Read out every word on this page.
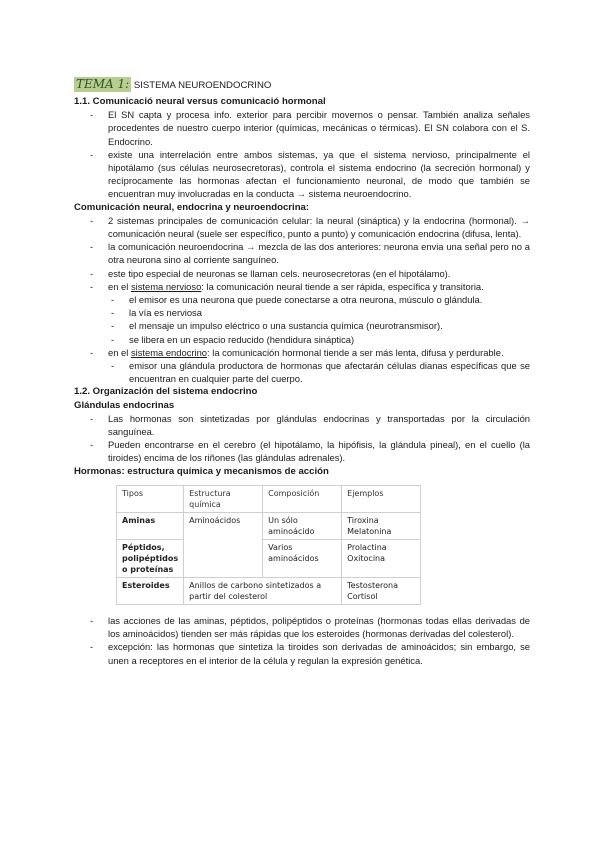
TEMA 1: SISTEMA NEUROENDOCRINO

1.1. Comunicació neural versus comunicació hormonal

- El SN capta y procesa info. exterior para percibir movernos o pensar. También analiza señales procedentes de nuestro cuerpo interior (químicas, mecánicas o térmicas). El SN colabora con el S. Endocrino.
- existe una interrelación entre ambos sistemas, ya que el sistema nervioso, principalmente el hipotálamo (sus células neurosecretoras), controla el sistema endocrino (la secreción hormonal) y recíprocamente las hormonas afectan el funcionamiento neuronal, de modo que también se encuentran muy involucradas en la conducta → sistema neuroendocrino.

Comunicación neural, endocrina y neuroendocrina:

- 2 sistemas principales de comunicación celular: la neural (sináptica) y la endocrina (hormonal). → comunicación neural (suele ser específico, punto a punto) y comunicación endocrina (difusa, lenta).
- la comunicación neuroendocrina → mezcla de las dos anteriores: neurona envia una señal pero no a otra neurona sino al corriente sanguíneo.
- este tipo especial de neuronas se llaman cels. neurosecretoras (en el hipotálamo).
- en el sistema nervioso: la comunicación neural tiende a ser rápida, específica y transitoria.
- el emisor es una neurona que puede conectarse a otra neurona, músculo o glándula.
- la vía es nerviosa
- el mensaje un impulso eléctrico o una sustancia química (neurotransmisor).
- se libera en un espacio reducido (hendidura sináptica)
- en el sistema endocrino: la comunicación hormonal tiende a ser más lenta, difusa y perdurable.
- emisor una glándula productora de hormonas que afectarán células dianas específicas que se encuentran en cualquier parte del cuerpo.

1.2. Organización del sistema endocrino

Glándulas endocrinas

- Las hormonas son sintetizadas por glándulas endocrinas y transportadas por la circulación sanguínea.
- Pueden encontrarse en el cerebro (el hipotálamo, la hipófisis, la glándula pineal), en el cuello (la tiroides) encima de los riñones (las glándulas adrenales).

Hormonas: estructura química y mecanismos de acción

Tipos	Estructura química	Composición	Ejemplos
Aminas	Aminoácidos	Un sólo aminoácido	Tiroxina Melatonina
Péptidos, polipéptidos o proteínas		Varios aminoácidos	Prolactina Oxitocina
Esteroides	Anillos de carbono sintetizados a partir del colesterol		Testosterona Cortisol
- las acciones de las aminas, péptidos, polipéptidos o proteínas (hormonas todas ellas derivadas de los aminoácidos) tienden ser más rápidas que los esteroides (hormonas derivadas del colesterol).
- excepción: las hormonas que sintetiza la tiroides son derivadas de aminoácidos; sin embargo, se unen a receptores en el interior de la célula y regulan la expresión genética.
